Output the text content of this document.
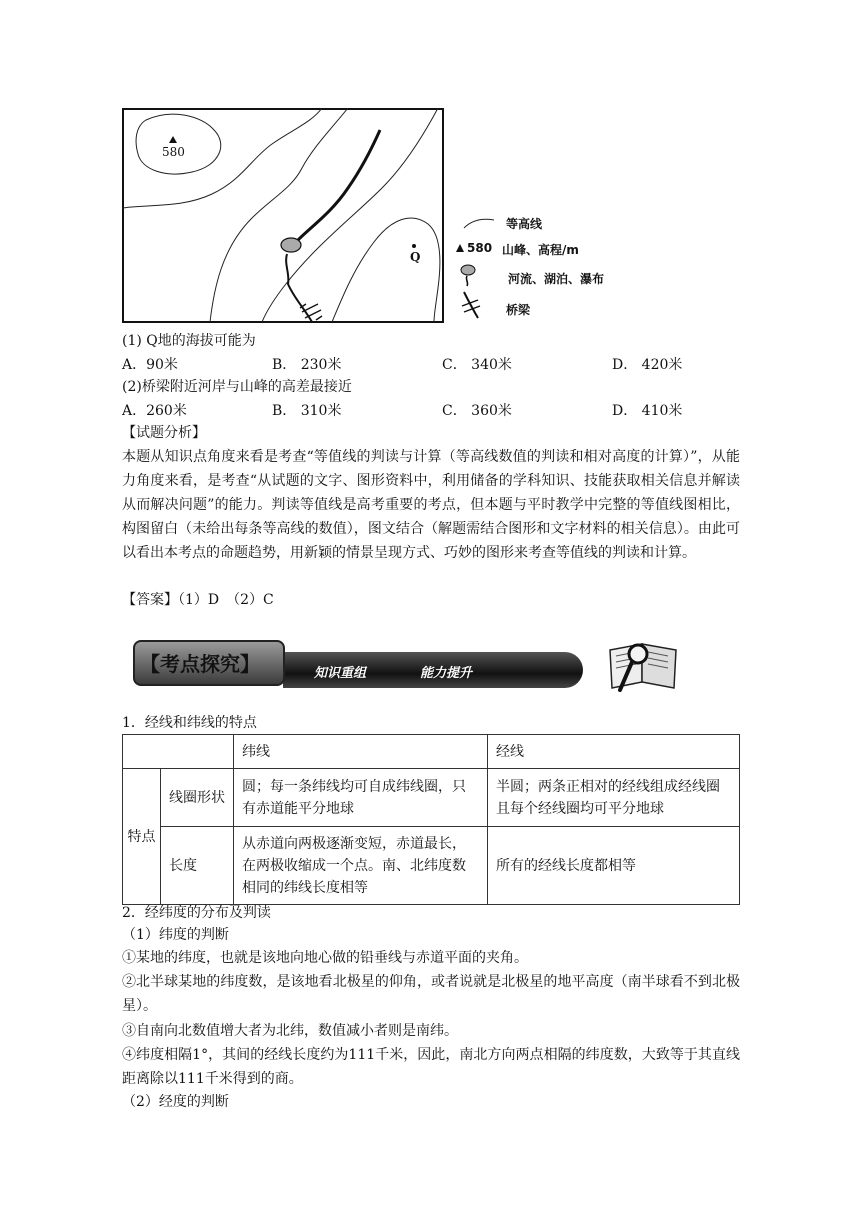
580
Q
等高线
580 山峰、高程/m
河流、湖泊、瀑布
桥梁
(1) Q地的海拔可能为
A．90米	B． 230米	C． 340米	D． 420米
(2)桥梁附近河岸与山峰的高差最接近
A．260米	B． 310米	C． 360米	D． 410米
【试题分析】
本题从知识点角度来看是考查“等值线的判读与计算（等高线数值的判读和相对高度的计算）”，从能力角度来看，是考查“从试题的文字、图形资料中，利用储备的学科知识、技能获取相关信息并解读从而解决问题”的能力。判读等值线是高考重要的考点，但本题与平时教学中完整的等值线图相比，构图留白（未给出每条等高线的数值），图文结合（解题需结合图形和文字材料的相关信息）。由此可以看出本考点的命题趋势，用新颖的情景呈现方式、巧妙的图形来考查等值线的判读和计算。
【答案】（1）D　（2）C
【考点探究】	知识重组	能力提升
1．经线和纬线的特点
		纬线	经线
特点	线圈形状	圆；每一条纬线均可自成纬线圈，只有赤道能平分地球	半圆；两条正相对的经线组成经线圈且每个经线圈均可平分地球
	长度	从赤道向两极逐渐变短，赤道最长，在两极收缩成一个点。南、北纬度数相同的纬线长度相等	所有的经线长度都相等
2．经纬度的分布及判读
（1）纬度的判断
①某地的纬度，也就是该地向地心做的铅垂线与赤道平面的夹角。
②北半球某地的纬度数，是该地看北极星的仰角，或者说就是北极星的地平高度（南半球看不到北极星）。
③自南向北数值增大者为北纬，数值减小者则是南纬。
④纬度相隔1°，其间的经线长度约为111千米，因此，南北方向两点相隔的纬度数，大致等于其直线距离除以111千米得到的商。
（2）经度的判断
